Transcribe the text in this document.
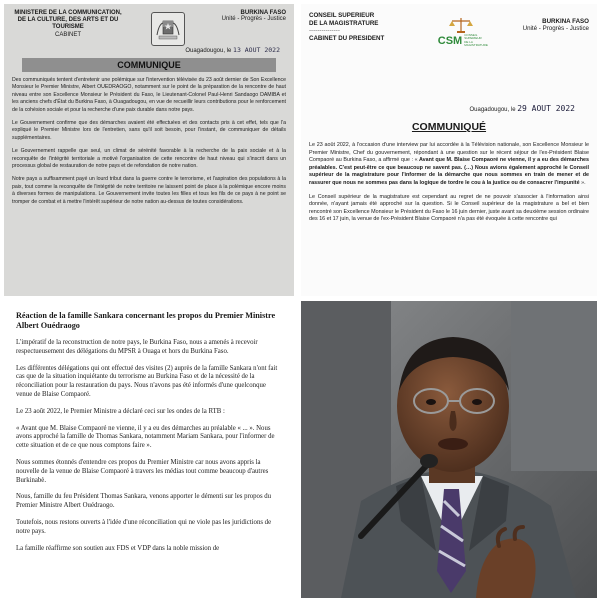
MINISTERE DE LA COMMUNICATION,
DE LA CULTURE, DES ARTS ET DU TOURISME
CABINET
BURKINA FASO
Unité - Progrès - Justice
Ouagadougou, le 13 AOUT 2022
COMMUNIQUE

Des communiqués tentent d'entretenir une polémique sur l'intervention télévisée du 23 août dernier de Son Excellence Monsieur le Premier Ministre, Albert OUEDRAOGO, notamment sur le point de la préparation de la rencontre de haut niveau entre son Excellence Monsieur le Président du Faso, le Lieutenant-Colonel Paul-Henri Sandaogo DAMIBA et les anciens chefs d'État du Burkina Faso, à Ouagadougou, en vue de recueillir leurs contributions pour le renforcement de la cohésion sociale et pour la recherche d'une paix durable dans notre pays.

Le Gouvernement confirme que des démarches avaient été effectuées et des contacts pris à cet effet, tels que l'a expliqué le Premier Ministre lors de l'entretien, sans qu'il soit besoin, pour l'instant, de communiquer de détails supplémentaires.

Le Gouvernement rappelle que seul, un climat de sérénité favorable à la recherche de la paix sociale et à la reconquête de l'intégrité territoriale a motivé l'organisation de cette rencontre de haut niveau qui s'inscrit dans un processus global de restauration de notre pays et de refondation de notre nation.

Notre pays a suffisamment payé un lourd tribut dans la guerre contre le terrorisme, et l'aspiration des populations à la paix, tout comme la reconquête de l'intégrité de notre territoire ne laissent point de place à la polémique encore moins à diverses formes de manipulations. Le Gouvernement invite toutes les filles et tous les fils de ce pays à ne point se tromper de combat et à mettre l'intérêt supérieur de notre nation au-dessus de toutes considérations.

CONSEIL SUPERIEUR
DE LA MAGISTRATURE
---------------
CABINET DU PRESIDENT	CSM CONSEIL SUPERIEUR DE LA MAGISTRATURE
BURKINA FASO
Unité - Progrès - Justice
Ouagadougou, le 29 AOUT 2022
COMMUNIQUÉ

Le 23 août 2022, à l'occasion d'une interview par lui accordée à la Télévision nationale, son Excellence Monsieur le Premier Ministre, Chef du gouvernement, répondant à une question sur le récent séjour de l'ex-Président Blaise Compaoré au Burkina Faso, a affirmé que : « Avant que M. Blaise Compaoré ne vienne, il y a eu des démarches préalables. C'est peut-être ce que beaucoup ne savent pas. (…) Nous avions également approché le Conseil supérieur de la magistrature pour l'informer de la démarche que nous sommes en train de mener et de rassurer que nous ne sommes pas dans la logique de tordre le cou à la justice ou de consacrer l'impunité ».

Le Conseil supérieur de la magistrature est cependant au regret de ne pouvoir s'associer à l'information ainsi donnée, n'ayant jamais été approché sur la question. Si le Conseil supérieur de la magistrature a bel et bien rencontré son Excellence Monsieur le Président du Faso le 16 juin dernier, juste avant sa deuxième session ordinaire des 16 et 17 juin, la venue de l'ex-Président Blaise Compaoré n'a pas été évoquée à cette rencontre qui

Réaction de la famille Sankara concernant les propos du Premier Ministre Albert Ouédraogo

L'impératif de la reconstruction de notre pays, le Burkina Faso, nous a amenés à recevoir respectueusement des délégations du MPSR à Ouaga et hors du Burkina Faso.

Les différentes délégations qui ont effectué des visites (2) auprès de la famille Sankara n'ont fait cas que de la situation inquiétante du terrorisme au Burkina Faso et de la nécessité de la réconciliation pour la restauration du pays. Nous n'avons pas été informés d'une quelconque venue de Blaise Compaoré.

Le 23 août 2022, le Premier Ministre a déclaré ceci sur les ondes de la RTB :

« Avant que M. Blaise Compaoré ne vienne, il y a eu des démarches au préalable « ... ». Nous avons approché la famille de Thomas Sankara, notamment Mariam Sankara, pour l'informer de cette situation et de ce que nous comptons faire ».

Nous sommes étonnés d'entendre ces propos du Premier Ministre car nous avons appris la nouvelle de la venue de Blaise Compaoré à travers les médias tout comme beaucoup d'autres Burkinabè.

Nous, famille du feu Président Thomas Sankara, venons apporter le démenti sur les propos du Premier Ministre Albert Ouédraogo.

Toutefois, nous restons ouverts à l'idée d'une réconciliation qui ne viole pas les juridictions de notre pays.

La famille réaffirme son soutien aux FDS et VDP dans la noble mission de
